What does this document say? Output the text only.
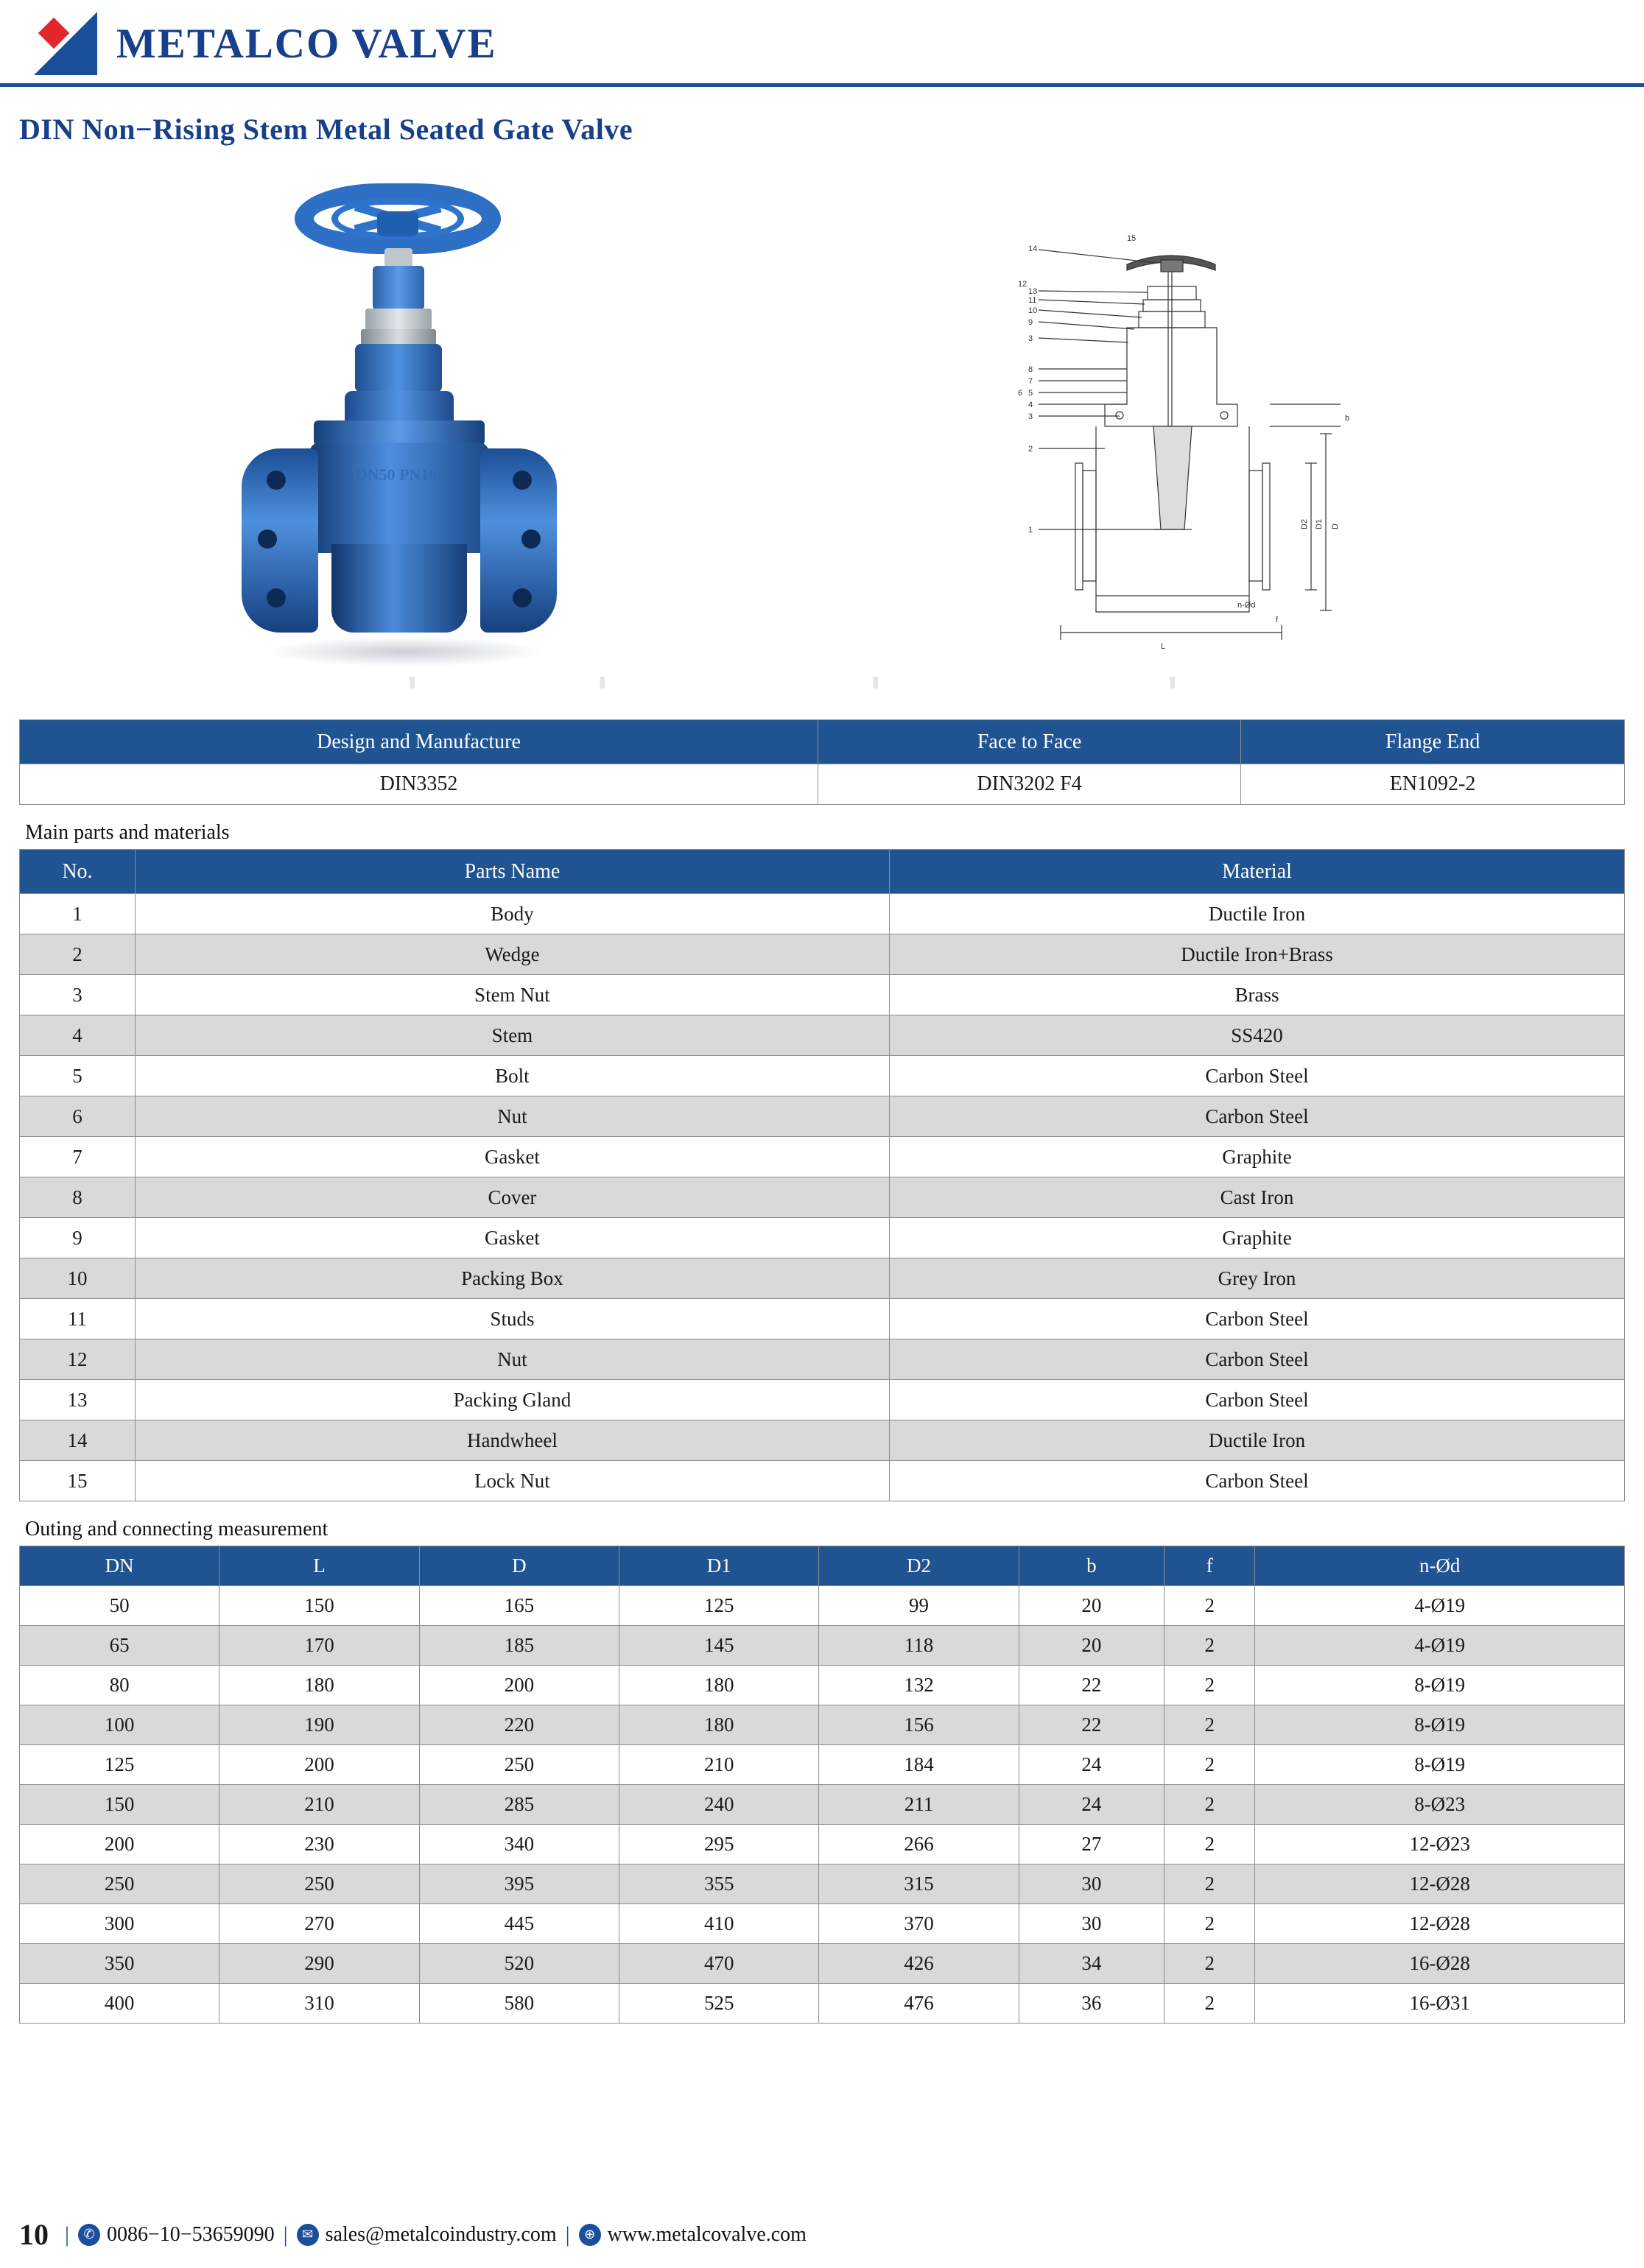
METALCO VALVE
DIN Non−Rising Stem Metal Seated Gate Valve
DN50 PN16
15
14
13
12
11
10
9
3
8
7
6 5
4
3
2
1
L
D2 D1 D
b
n-Ød
f
Design and Manufacture	Face to Face	Flange End
DIN3352	DIN3202 F4	EN1092-2
Main parts and materials
No.	Parts Name	Material
1	Body	Ductile Iron
2	Wedge	Ductile Iron+Brass
3	Stem Nut	Brass
4	Stem	SS420
5	Bolt	Carbon Steel
6	Nut	Carbon Steel
7	Gasket	Graphite
8	Cover	Cast Iron
9	Gasket	Graphite
10	Packing Box	Grey Iron
11	Studs	Carbon Steel
12	Nut	Carbon Steel
13	Packing Gland	Carbon Steel
14	Handwheel	Ductile Iron
15	Lock Nut	Carbon Steel
Outing and connecting measurement
DN	L	D	D1	D2	b	f	n-Ød
50	150	165	125	99	20	2	4-Ø19
65	170	185	145	118	20	2	4-Ø19
80	180	200	180	132	22	2	8-Ø19
100	190	220	180	156	22	2	8-Ø19
125	200	250	210	184	24	2	8-Ø19
150	210	285	240	211	24	2	8-Ø23
200	230	340	295	266	27	2	12-Ø23
250	250	395	355	315	30	2	12-Ø28
300	270	445	410	370	30	2	12-Ø28
350	290	520	470	426	34	2	16-Ø28
400	310	580	525	476	36	2	16-Ø31
10 |	✆ 0086−10−53659090 |	✉ sales@metalcoindustry.com |	⊕ www.metalcovalve.com
